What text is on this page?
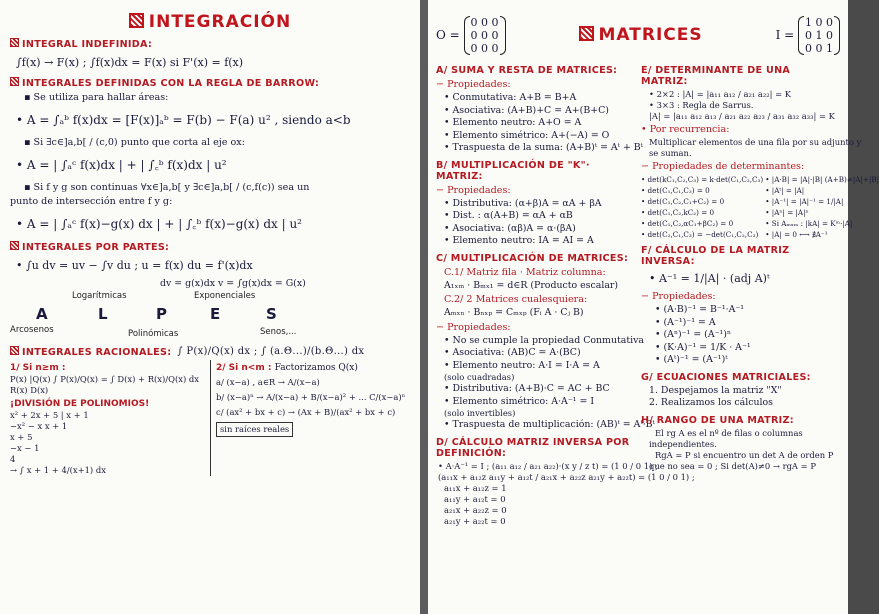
INTEGRACIÓN
INTEGRAL INDEFINIDA:
∫f(x) → F(x) ; ∫f(x)dx = F(x) si F'(x) = f(x)
INTEGRALES DEFINIDAS CON LA REGLA DE BARROW:
▪ Se utiliza para hallar áreas:
• A = ∫ₐᵇ f(x)dx = [F(x)]ₐᵇ = F(b) − F(a) u² , siendo a<b
▪ Si ∃c∈]a,b[ / (c,0) punto que corta al eje ox:
• A = | ∫ₐᶜ f(x)dx | + | ∫꜀ᵇ f(x)dx | u²
▪ Si f y g son continuas ∀x∈]a,b[ y ∃c∈]a,b[ / (c,f(c)) sea un
punto de intersección entre f y g:
• A = | ∫ₐᶜ f(x)−g(x) dx | + | ∫꜀ᵇ f(x)−g(x) dx | u²
INTEGRALES POR PARTES:
• ∫u dv = uv − ∫v du ; u = f(x) du = f'(x)dx
dv = g(x)dx v = ∫g(x)dx = G(x)
A	L	P	E	S
Arcosenos
Logarítmicas
Polinómicas
Exponenciales
Senos,...
INTEGRALES RACIONALES: ∫ P(x)/Q(x) dx ; ∫ (a.Θ...)/(b.Θ...) dx
1/ Si n≥m :
P(x) |Q(x) ∫ P(x)/Q(x) = ∫ D(x) + R(x)/Q(x) dx
R(x) D(x)
¡DIVISIÓN DE POLINOMIOS!
x² + 2x + 5 | x + 1
−x² − x x + 1
x + 5
−x − 1
4
→ ∫ x + 1 + 4/(x+1) dx
2/ Si n<m : Factorizamos Q(x)
a/ (x−a) , a∈R → A/(x−a)
b/ (x−a)ⁿ → A/(x−a) + B/(x−a)² + ... C/(x−a)ⁿ
c/ (ax² + bx + c) → (Ax + B)/(ax² + bx + c)
sin raíces reales
O =
0 0 0
0 0 0
0 0 0
MATRICES	I =
1 0 0
0 1 0
0 0 1
A/ SUMA Y RESTA DE MATRICES:
− Propiedades:
• Conmutativa: A+B = B+A
• Asociativa: (A+B)+C = A+(B+C)
• Elemento neutro: A+O = A
• Elemento simétrico: A+(−A) = O
• Traspuesta de la suma: (A+B)ᵗ = Aᵗ + Bᵗ
B/ MULTIPLICACIÓN DE "K"· MATRIZ:
− Propiedades:
• Distributiva: (α+β)A = αA + βA
• Dist. : α(A+B) = αA + αB
• Asociativa: (αβ)A = α·(βA)
• Elemento neutro: IA = AI = A
C/ MULTIPLICACIÓN DE MATRICES:
C.1/ Matriz fila · Matriz columna:
A₁ₓₘ · Bₘₓ₁ = d∈R (Producto escalar)
C.2/ 2 Matrices cualesquiera:
Aₘₓₙ · Bₙₓₚ = Cₘₓₚ (Fᵢ A · Cⱼ B)
− Propiedades:
• No se cumple la propiedad Conmutativa
• Asociativa: (AB)C = A·(BC)
• Elemento neutro: A·I = I·A = A
(solo cuadradas)
• Distributiva: (A+B)·C = AC + BC
• Elemento simétrico: A·A⁻¹ = I
(solo invertibles)
• Traspuesta de multiplicación: (AB)ᵗ = Aᵗ·Bᵗ
D/ CÁLCULO MATRIZ INVERSA POR DEFINICIÓN:
• A·A⁻¹ = I ; (a₁₁ a₁₂ / a₂₁ a₂₂)·(x y / z t) = (1 0 / 0 1) ;
(a₁₁x + a₁₂z a₁₁y + a₁₂t / a₂₁x + a₂₂z a₂₁y + a₂₂t) = (1 0 / 0 1) ;
a₁₁x + a₁₂z = 1
a₁₁y + a₁₂t = 0
a₂₁x + a₂₂z = 0
a₂₁y + a₂₂t = 0
E/ DETERMINANTE DE UNA MATRIZ:
• 2×2 : |A| = |a₁₁ a₁₂ / a₂₁ a₂₂| = K
• 3×3 : Regla de Sarrus.
|A| = |a₁₁ a₁₂ a₁₃ / a₂₁ a₂₂ a₂₃ / a₃₁ a₃₂ a₃₃| = K
• Por recurrencia:
Multiplicar elementos de una fila por su adjunto y
se suman.
− Propiedades de determinantes:
• det(kC₁,C₂,C₃) = k·det(C₁,C₂,C₃)
• det(C₁,C₁,C₃) = 0
• det(C₁,C₂,C₁+C₂) = 0
• det(C₁,C₂,kC₂) = 0
• det(C₁,C₂,αC₁+βC₂) = 0
• det(C₂,C₁,C₃) = −det(C₁,C₂,C₃)
• |A·B| = |A|·|B| (A+B)≠|A|+|B|
• |Aᵗ| = |A|
• |A⁻¹| = |A|⁻¹ = 1/|A|
• |Aⁿ| = |A|ⁿ
• Si Aₘₓₘ : |kA| = Kᵐ·|A|
• |A| = 0 ⟷ ∄A⁻¹
F/ CÁLCULO DE LA MATRIZ INVERSA:
• A⁻¹ = 1/|A| · (adj A)ᵗ
− Propiedades:
• (A·B)⁻¹ = B⁻¹·A⁻¹
• (A⁻¹)⁻¹ = A
• (Aⁿ)⁻¹ = (A⁻¹)ⁿ
• (K·A)⁻¹ = 1/K · A⁻¹
• (Aᵗ)⁻¹ = (A⁻¹)ᵗ
G/ ECUACIONES MATRICIALES:
1. Despejamos la matriz "X"
2. Realizamos los cálculos
H/ RANGO DE UNA MATRIZ:
El rg A es el nº de filas o columnas
independientes.
RgA = P si encuentro un det A de orden P
que no sea = 0 ; Si det(A)≠0 → rgA = P
